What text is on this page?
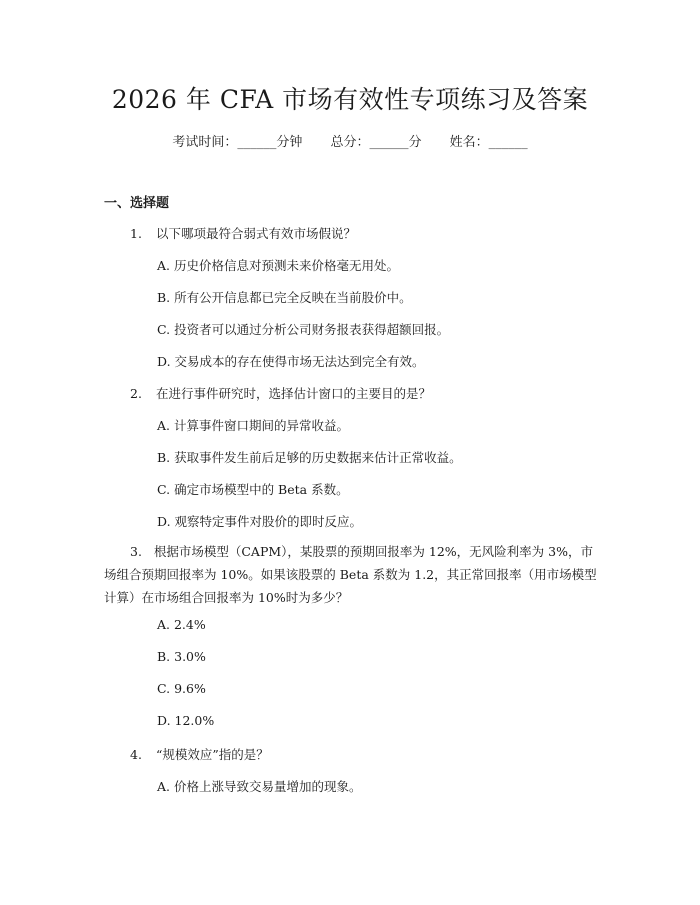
2026 年 CFA 市场有效性专项练习及答案
考试时间：______分钟 总分：______分 姓名：______
一、选择题
1. 以下哪项最符合弱式有效市场假说？
A. 历史价格信息对预测未来价格毫无用处。
B. 所有公开信息都已完全反映在当前股价中。
C. 投资者可以通过分析公司财务报表获得超额回报。
D. 交易成本的存在使得市场无法达到完全有效。
2. 在进行事件研究时，选择估计窗口的主要目的是？
A. 计算事件窗口期间的异常收益。
B. 获取事件发生前后足够的历史数据来估计正常收益。
C. 确定市场模型中的 Beta 系数。
D. 观察特定事件对股价的即时反应。
3. 根据市场模型（CAPM），某股票的预期回报率为 12%，无风险利率为 3%，市场组合预期回报率为 10%。如果该股票的 Beta 系数为 1.2，其正常回报率（用市场模型计算）在市场组合回报率为 10%时为多少？
A. 2.4%
B. 3.0%
C. 9.6%
D. 12.0%
4. “规模效应”指的是？
A. 价格上涨导致交易量增加的现象。
